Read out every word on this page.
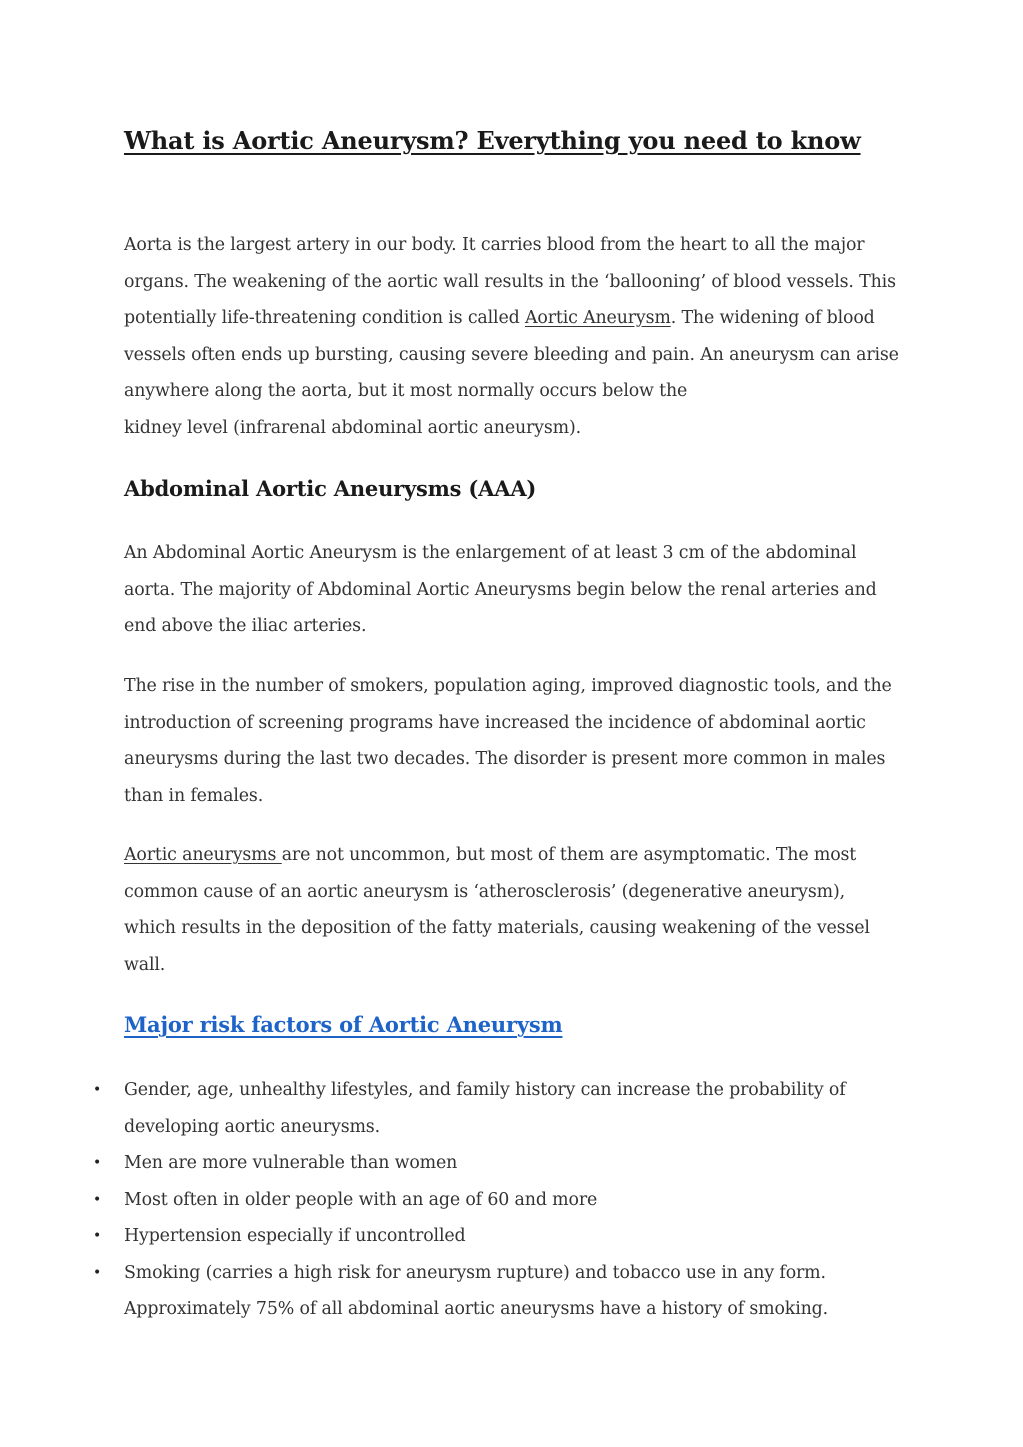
What is Aortic Aneurysm? Everything you need to know

Aorta is the largest artery in our body. It carries blood from the heart to all the major
organs. The weakening of the aortic wall results in the ‘ballooning’ of blood vessels. This
potentially life-threatening condition is called Aortic Aneurysm. The widening of blood
vessels often ends up bursting, causing severe bleeding and pain. An aneurysm can arise
anywhere along the aorta, but it most normally occurs below the
kidney level (infrarenal abdominal aortic aneurysm).

Abdominal Aortic Aneurysms (AAA)

An Abdominal Aortic Aneurysm is the enlargement of at least 3 cm of the abdominal
aorta. The majority of Abdominal Aortic Aneurysms begin below the renal arteries and
end above the iliac arteries.

The rise in the number of smokers, population aging, improved diagnostic tools, and the
introduction of screening programs have increased the incidence of abdominal aortic
aneurysms during the last two decades. The disorder is present more common in males
than in females.

Aortic aneurysms are not uncommon, but most of them are asymptomatic. The most
common cause of an aortic aneurysm is ‘atherosclerosis’ (degenerative aneurysm),
which results in the deposition of the fatty materials, causing weakening of the vessel
wall.

Major risk factors of Aortic Aneurysm
• Gender, age, unhealthy lifestyles, and family history can increase the probability of
developing aortic aneurysms.
• Men are more vulnerable than women
• Most often in older people with an age of 60 and more
• Hypertension especially if uncontrolled
• Smoking (carries a high risk for aneurysm rupture) and tobacco use in any form.
Approximately 75% of all abdominal aortic aneurysms have a history of smoking.
